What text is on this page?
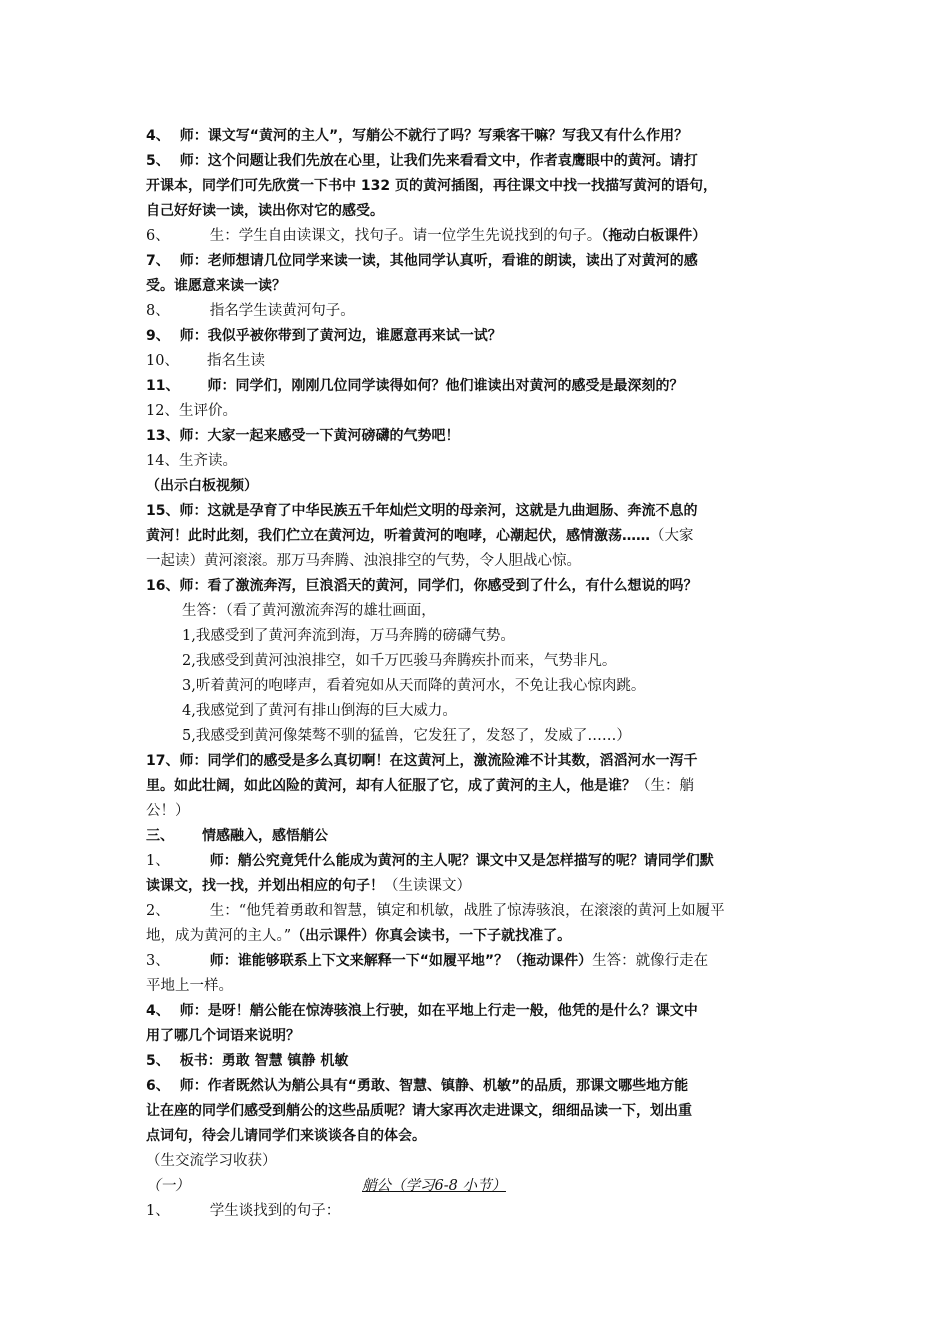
4、 师：课文写“黄河的主人”，写艄公不就行了吗？写乘客干嘛？写我又有什么作用？
5、 师：这个问题让我们先放在心里，让我们先来看看文中，作者袁鹰眼中的黄河。请打
开课本，同学们可先欣赏一下书中 132 页的黄河插图，再往课文中找一找描写黄河的语句，
自己好好读一读，读出你对它的感受。
6、	生：学生自由读课文，找句子。请一位学生先说找到的句子。（拖动白板课件）
7、 师：老师想请几位同学来读一读，其他同学认真听，看谁的朗读，读出了对黄河的感
受。谁愿意来读一读？
8、	指名学生读黄河句子。
9、 师：我似乎被你带到了黄河边，谁愿意再来试一试？
10、 指名生读
11、 师：同学们，刚刚几位同学读得如何？他们谁读出对黄河的感受是最深刻的？
12、生评价。
13、师：大家一起来感受一下黄河磅礴的气势吧！
14、生齐读。
（出示白板视频）
15、师：这就是孕育了中华民族五千年灿烂文明的母亲河，这就是九曲迴肠、奔流不息的
黄河！此时此刻，我们伫立在黄河边，听着黄河的咆哮，心潮起伏，感情激荡……（大家
一起读）黄河滚滚。那万马奔腾、浊浪排空的气势，令人胆战心惊。
16、师：看了激流奔泻，巨浪滔天的黄河，同学们，你感受到了什么，有什么想说的吗？
生答：（看了黄河激流奔泻的雄壮画面，
1,我感受到了黄河奔流到海，万马奔腾的磅礴气势。
2,我感受到黄河浊浪排空，如千万匹骏马奔腾疾扑而来，气势非凡。
3,听着黄河的咆哮声，看着宛如从天而降的黄河水，不免让我心惊肉跳。
4,我感觉到了黄河有排山倒海的巨大威力。
5,我感受到黄河像桀骜不驯的猛兽，它发狂了，发怒了，发威了……）
17、师：同学们的感受是多么真切啊！在这黄河上，激流险滩不计其数，滔滔河水一泻千
里。如此壮阔，如此凶险的黄河，却有人征服了它，成了黄河的主人，他是谁？（生：艄
公！）
三、 情感融入，感悟艄公
1、	师：艄公究竟凭什么能成为黄河的主人呢？课文中又是怎样描写的呢？请同学们默
读课文，找一找，并划出相应的句子！（生读课文）
2、	生：“他凭着勇敢和智慧，镇定和机敏，战胜了惊涛骇浪，在滚滚的黄河上如履平
地，成为黄河的主人。”（出示课件）你真会读书，一下子就找准了。
3、	师：谁能够联系上下文来解释一下“如履平地”？（拖动课件）生答：就像行走在
平地上一样。
4、 师：是呀！艄公能在惊涛骇浪上行驶，如在平地上行走一般，他凭的是什么？课文中
用了哪几个词语来说明？
5、 板书：勇敢 智慧 镇静 机敏
6、 师：作者既然认为艄公具有“勇敢、智慧、镇静、机敏”的品质，那课文哪些地方能
让在座的同学们感受到艄公的这些品质呢？请大家再次走进课文，细细品读一下，划出重
点词句，待会儿请同学们来谈谈各自的体会。
（生交流学习收获）
（一）	艄公（学习6-8 小节）
1、	学生谈找到的句子：
